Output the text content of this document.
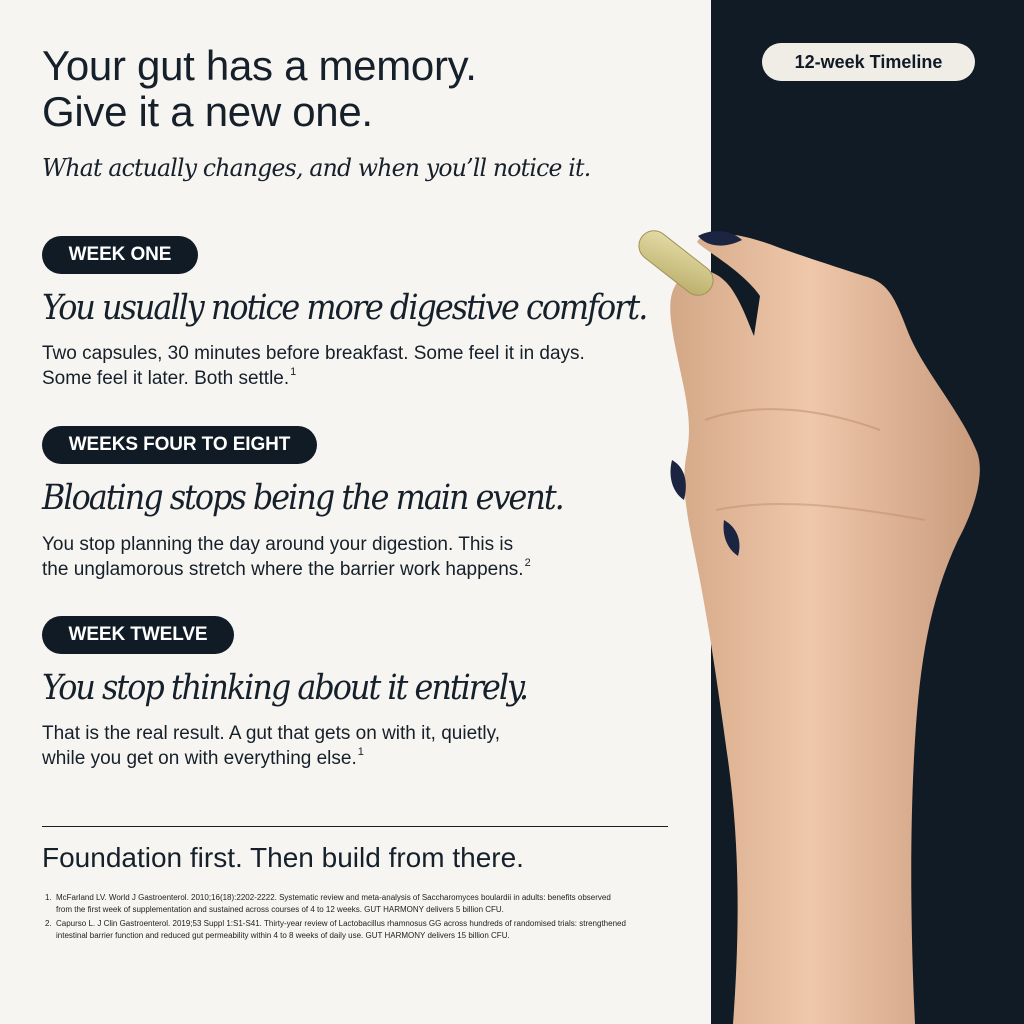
12-week Timeline
Your gut has a memory.
Give it a new one.
What actually changes, and when you’ll notice it.
WEEK ONE
You usually notice more digestive comfort.
Two capsules, 30 minutes before breakfast. Some feel it in days.
Some feel it later. Both settle.$^1$
WEEKS FOUR TO EIGHT
Bloating stops being the main event.
You stop planning the day around your digestion. This is
the unglamorous stretch where the barrier work happens.$^2$
WEEK TWELVE
You stop thinking about it entirely.
That is the real result. A gut that gets on with it, quietly,
while you get on with everything else.$^1$
Foundation first. Then build from there.
1. McFarland LV. World J Gastroenterol. 2010;16(18):2202-2222. Systematic review and meta-analysis of Saccharomyces boulardii in adults: benefits observed
from the first week of supplementation and sustained across courses of 4 to 12 weeks. GUT HARMONY delivers 5 billion CFU.
2. Capurso L. J Clin Gastroenterol. 2019;53 Suppl 1:S1-S41. Thirty-year review of Lactobacillus rhamnosus GG across hundreds of randomised trials: strengthened
intestinal barrier function and reduced gut permeability within 4 to 8 weeks of daily use. GUT HARMONY delivers 15 billion CFU.
